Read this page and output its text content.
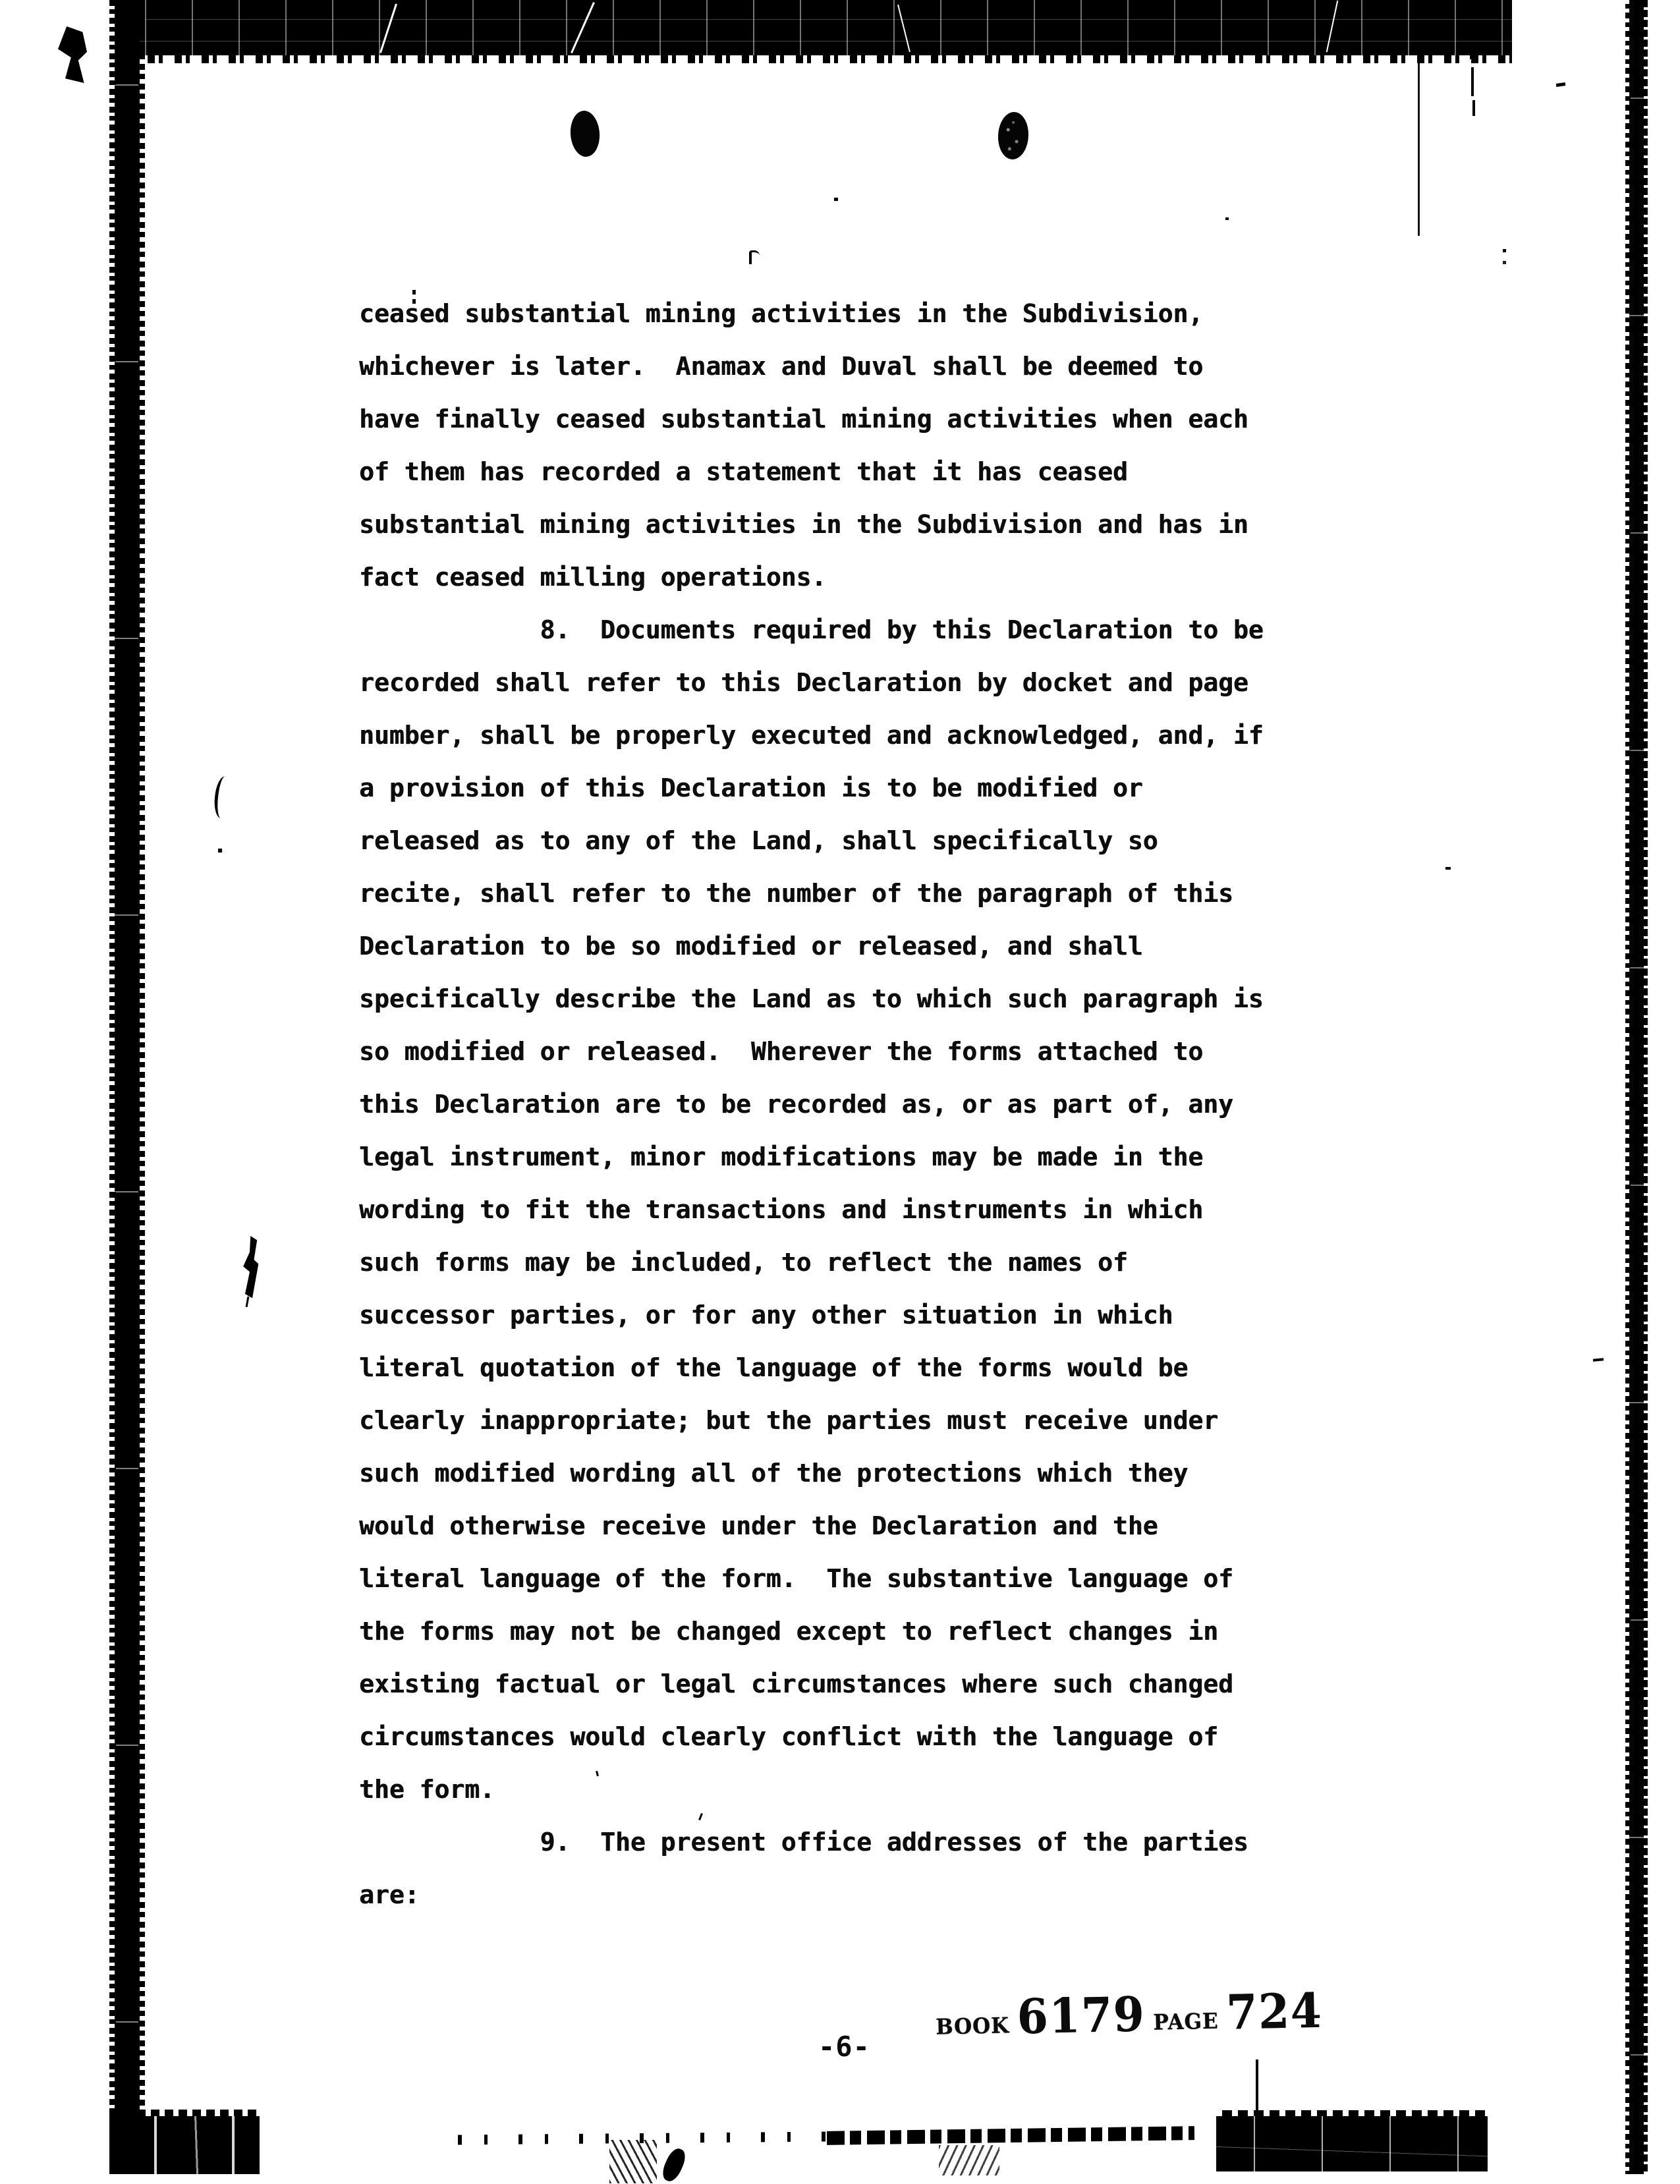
ceased substantial mining activities in the Subdivision,
whichever is later.  Anamax and Duval shall be deemed to
have finally ceased substantial mining activities when each
of them has recorded a statement that it has ceased
substantial mining activities in the Subdivision and has in
fact ceased milling operations.
8.  Documents required by this Declaration to be
recorded shall refer to this Declaration by docket and page
number, shall be properly executed and acknowledged, and, if
a provision of this Declaration is to be modified or
released as to any of the Land, shall specifically so
recite, shall refer to the number of the paragraph of this
Declaration to be so modified or released, and shall
specifically describe the Land as to which such paragraph is
so modified or released.  Wherever the forms attached to
this Declaration are to be recorded as, or as part of, any
legal instrument, minor modifications may be made in the
wording to fit the transactions and instruments in which
such forms may be included, to reflect the names of
successor parties, or for any other situation in which
literal quotation of the language of the forms would be
clearly inappropriate; but the parties must receive under
such modified wording all of the protections which they
would otherwise receive under the Declaration and the
literal language of the form.  The substantive language of
the forms may not be changed except to reflect changes in
existing factual or legal circumstances where such changed
circumstances would clearly conflict with the language of
the form.
9.  The present office addresses of the parties
are:
BOOK 6179 PAGE 724
-6-
